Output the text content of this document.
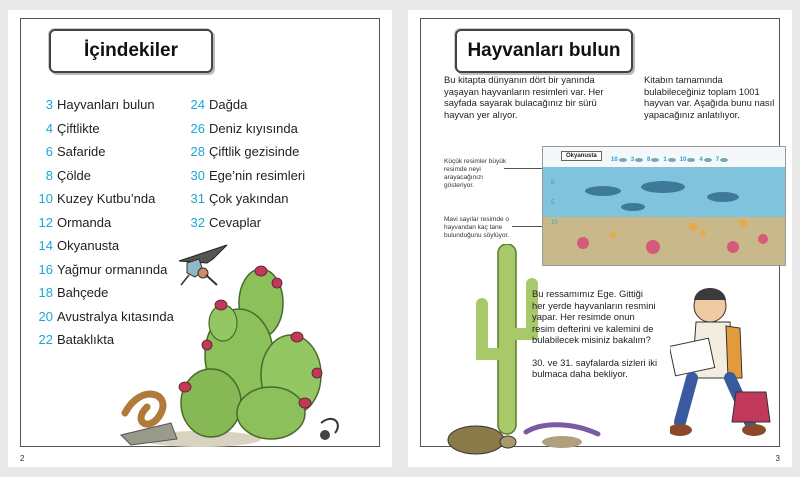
İçindekiler
3 Hayvanları bulun
4 Çiftlikte
6 Safaride
8 Çölde
10 Kuzey Kutbu’nda
12 Ormanda
14 Okyanusta
16 Yağmur ormanında
18 Bahçede
20 Avustralya kıtasında
22 Bataklıkta
24 Dağda
26 Deniz kıyısında
28 Çiftlik gezisinde
30 Ege’nin resimleri
31 Çok yakından
32 Cevaplar
2
Hayvanları bulun
Bu kitapta dünyanın dört bir yanında yaşayan hayvanların resimleri var. Her sayfada sayarak bulacağınız bir sürü hayvan yer alıyor.
Kitabın tamamında bulabileceğiniz toplam 1001 hayvan var. Aşağıda bunu nasıl yapacağınız anlatılıyor.
Küçük resimler büyük resimde neyi arayacağınızı gösteriyor.
Mavi sayılar resimde o hayvandan kaç tane bulunduğunu söylüyor.
Okyanusta
10 3 8 1 10 4 7
8
5
10

Bu ressamımız Ege. Gittiği her yerde hayvanların resmini yapar. Her resimde onun resim defterini ve kalemini de bulabilecek misiniz bakalım?

30. ve 31. sayfalarda sizleri iki bulmaca daha bekliyor.

3
